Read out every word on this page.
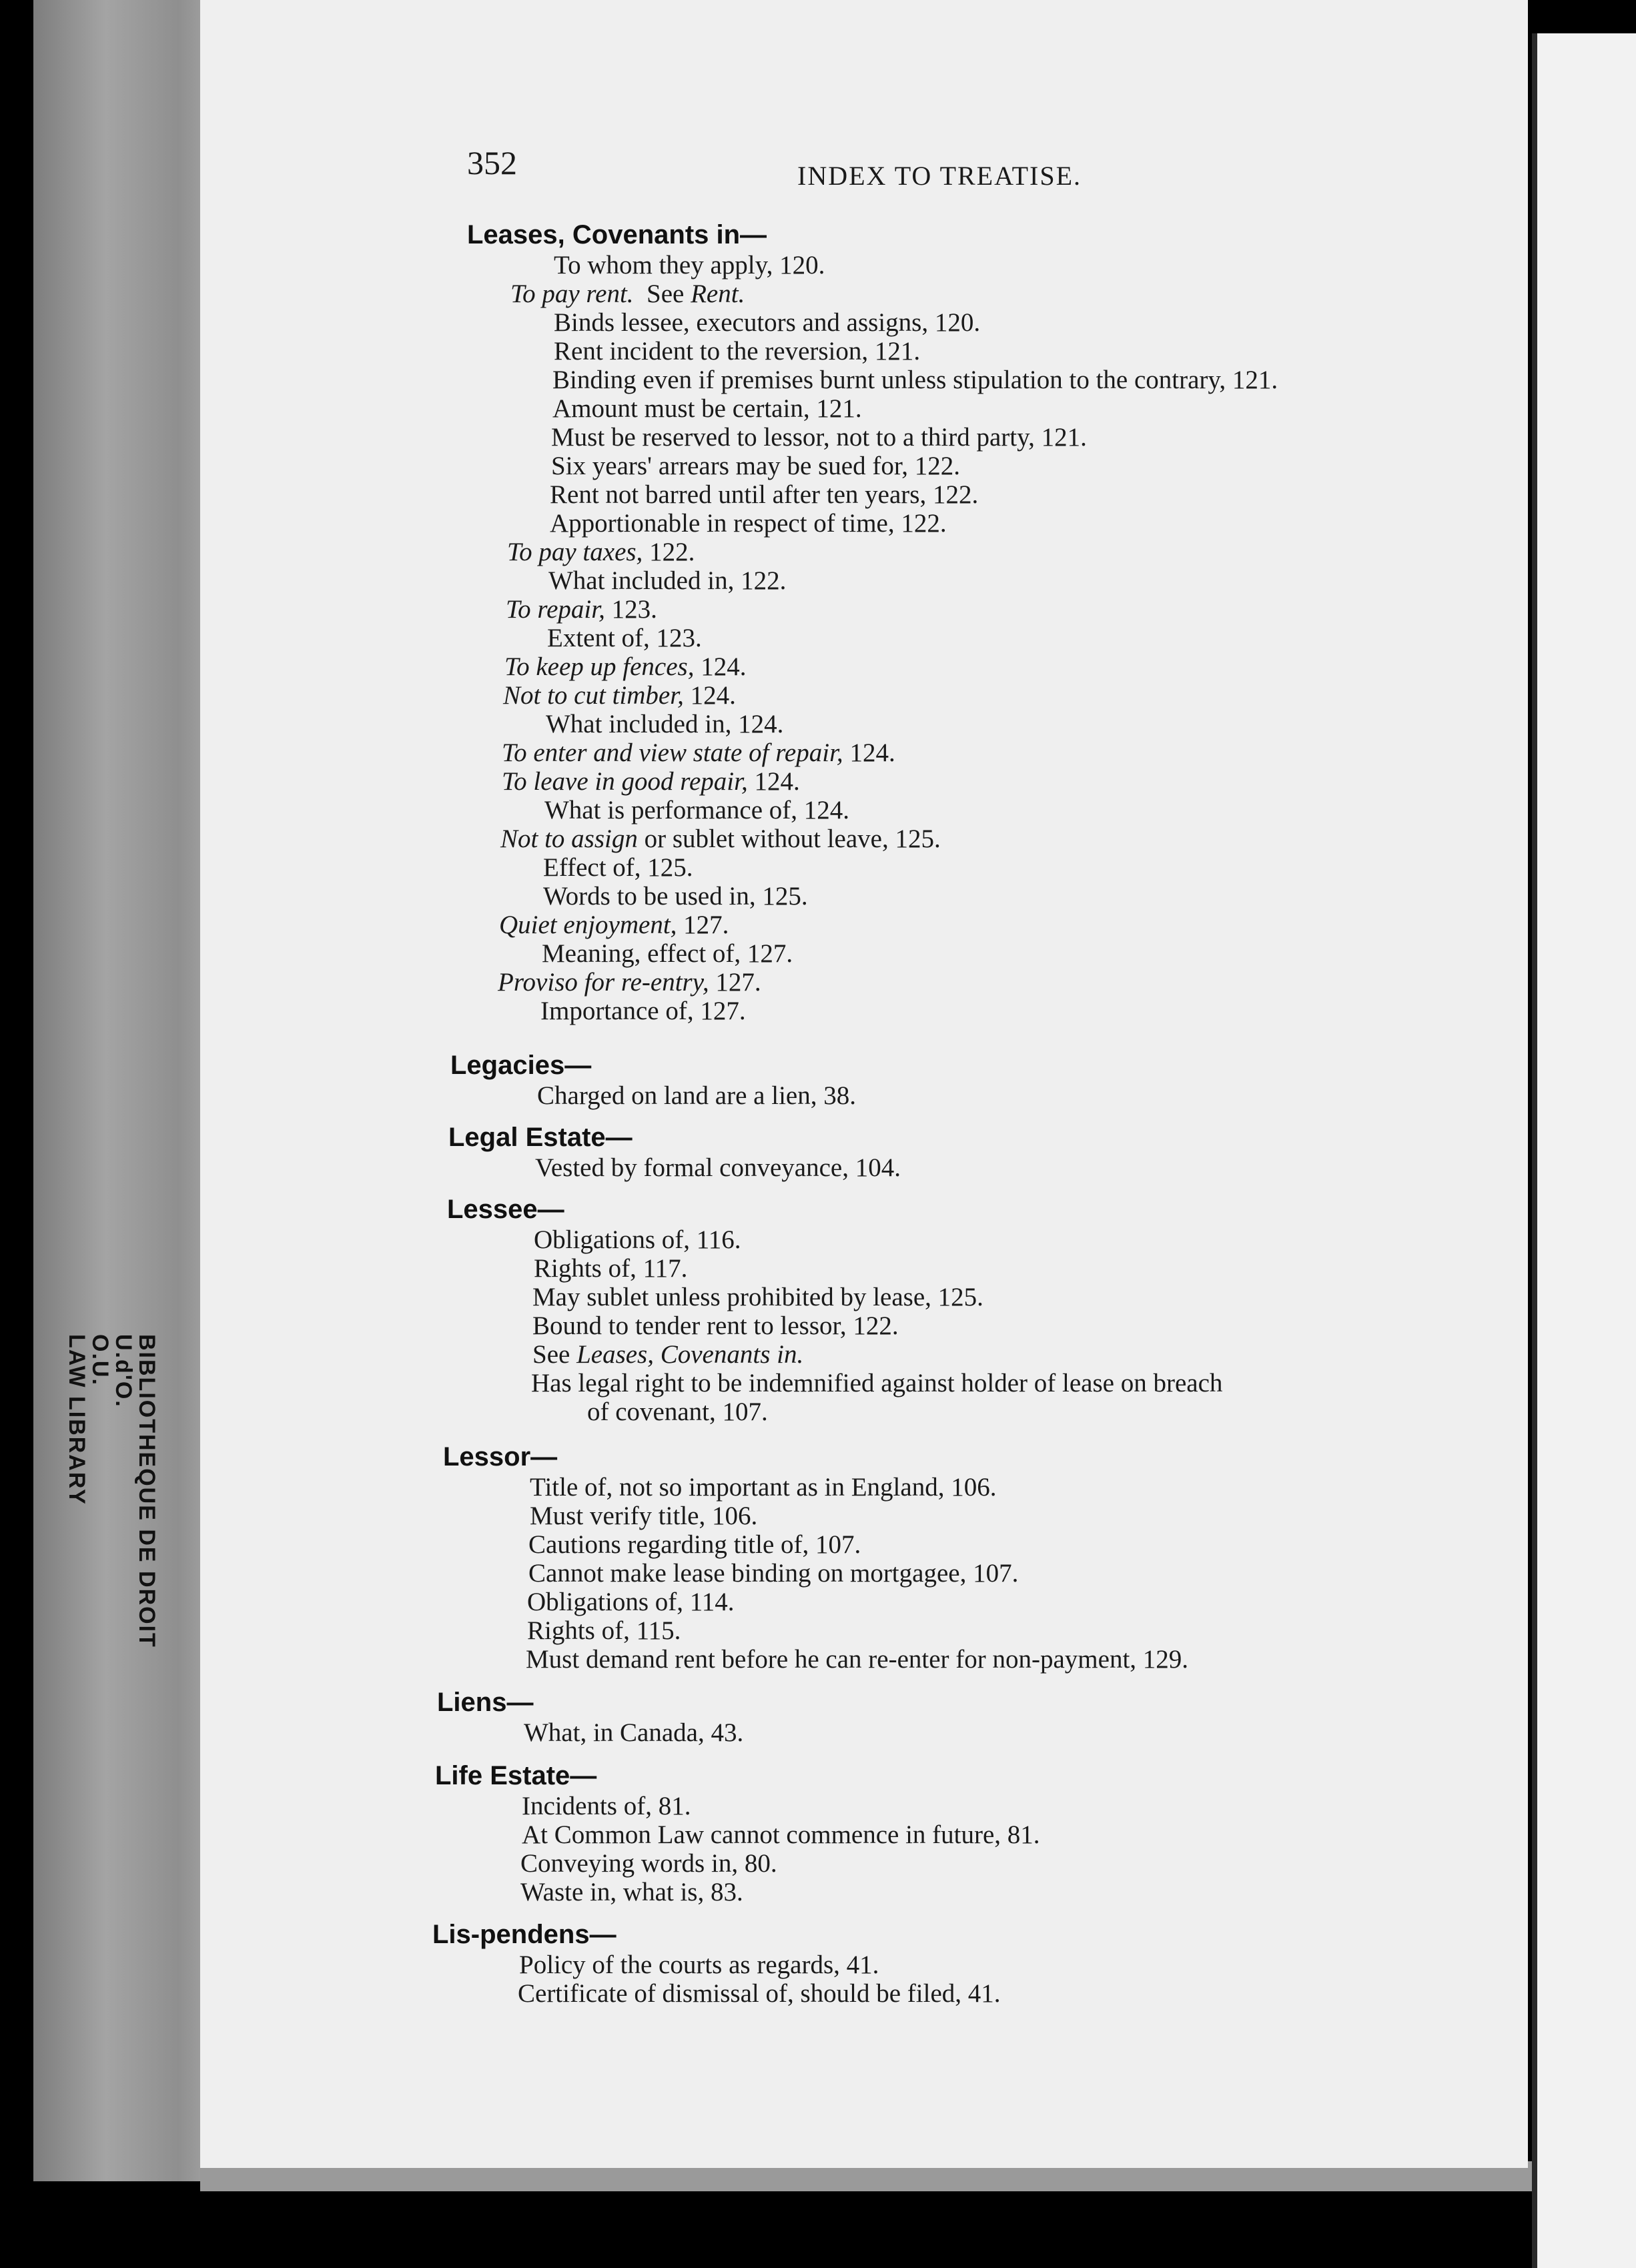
BIBLIOTHEQUE DE DROIT
U.d'O.
O.U.
LAW LIBRARY
352	INDEX TO TREATISE.
Leases, Covenants in—
To whom they apply, 120.
To pay rent.  See Rent.
Binds lessee, executors and assigns, 120.
Rent incident to the reversion, 121.
Binding even if premises burnt unless stipulation to the contrary, 121.
Amount must be certain, 121.
Must be reserved to lessor, not to a third party, 121.
Six years' arrears may be sued for, 122.
Rent not barred until after ten years, 122.
Apportionable in respect of time, 122.
To pay taxes, 122.
What included in, 122.
To repair, 123.
Extent of, 123.
To keep up fences, 124.
Not to cut timber, 124.
What included in, 124.
To enter and view state of repair, 124.
To leave in good repair, 124.
What is performance of, 124.
Not to assign or sublet without leave, 125.
Effect of, 125.
Words to be used in, 125.
Quiet enjoyment, 127.
Meaning, effect of, 127.
Proviso for re-entry, 127.
Importance of, 127.
Legacies—
Charged on land are a lien, 38.
Legal Estate—
Vested by formal conveyance, 104.
Lessee—
Obligations of, 116.
Rights of, 117.
May sublet unless prohibited by lease, 125.
Bound to tender rent to lessor, 122.
See Leases, Covenants in.
Has legal right to be indemnified against holder of lease on breach
of covenant, 107.
Lessor—
Title of, not so important as in England, 106.
Must verify title, 106.
Cautions regarding title of, 107.
Cannot make lease binding on mortgagee, 107.
Obligations of, 114.
Rights of, 115.
Must demand rent before he can re-enter for non-payment, 129.
Liens—
What, in Canada, 43.
Life Estate—
Incidents of, 81.
At Common Law cannot commence in future, 81.
Conveying words in, 80.
Waste in, what is, 83.
Lis-pendens—
Policy of the courts as regards, 41.
Certificate of dismissal of, should be filed, 41.
